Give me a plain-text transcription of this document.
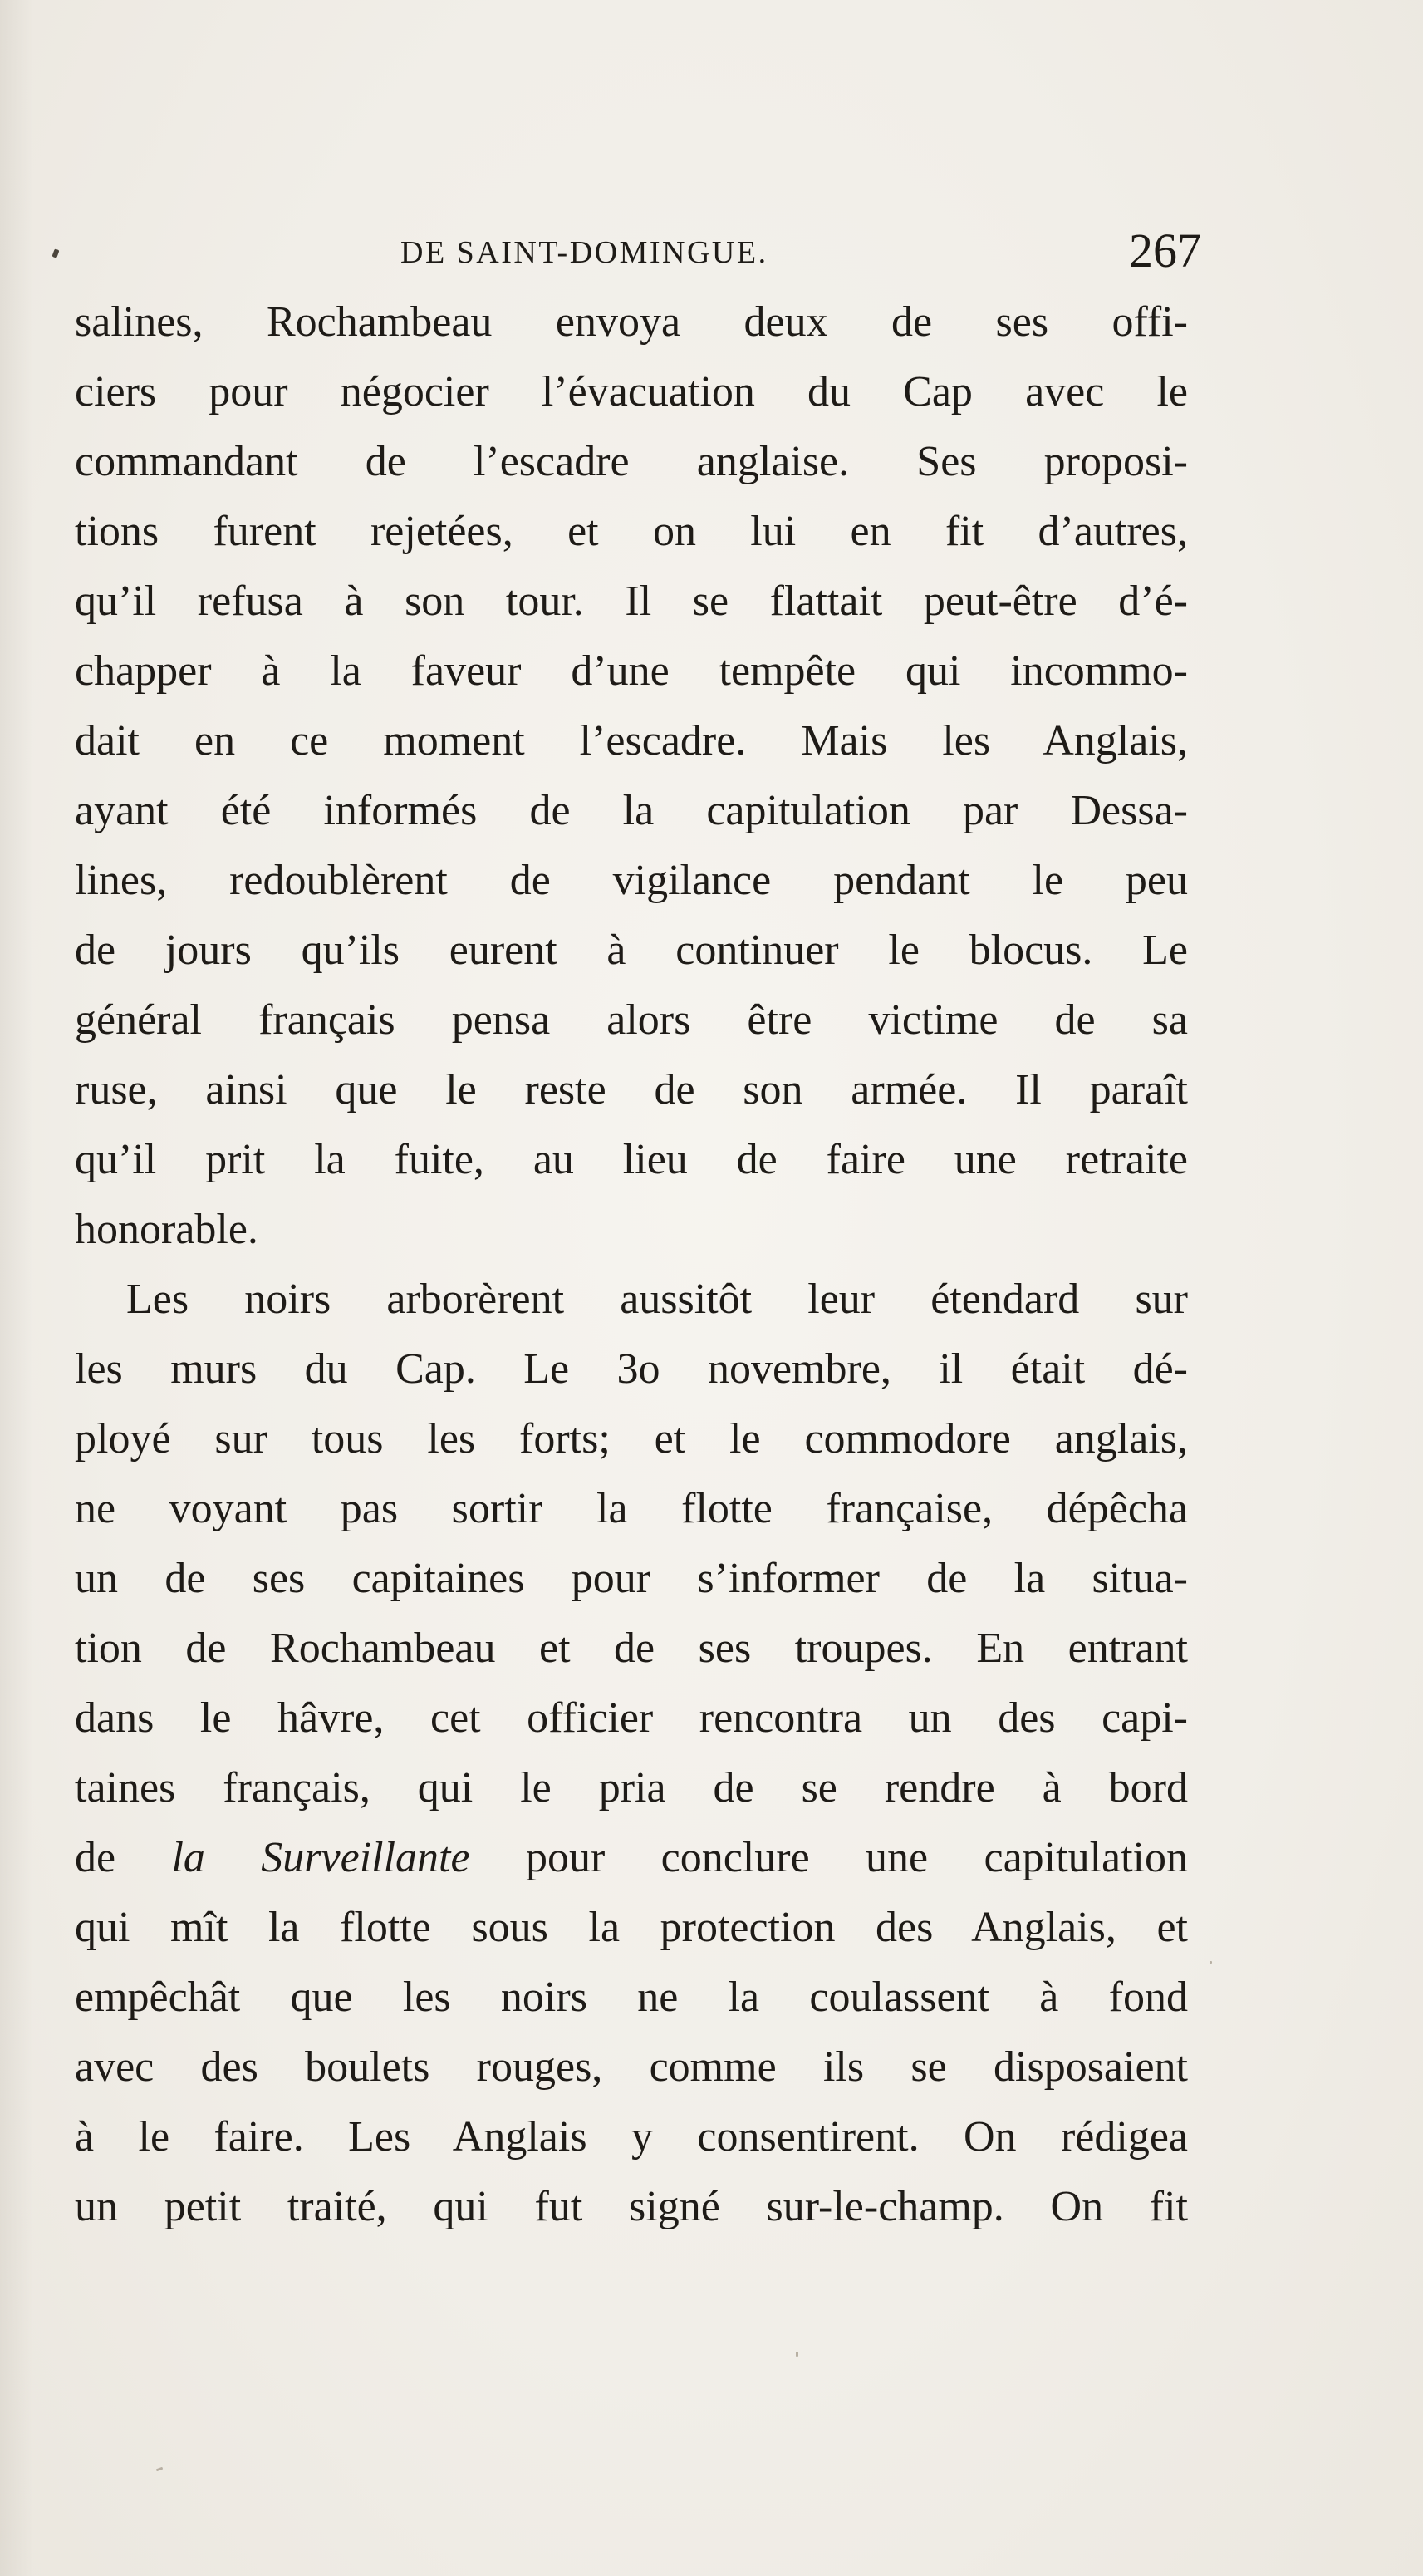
DE SAINT-DOMINGUE.	267
salines, Rochambeau envoya deux de ses offi-
ciers pour négocier l’évacuation du Cap avec le
commandant de l’escadre anglaise. Ses proposi-
tions furent rejetées, et on lui en fit d’autres,
qu’il refusa à son tour. Il se flattait peut-être d’é-
chapper à la faveur d’une tempête qui incommo-
dait en ce moment l’escadre. Mais les Anglais,
ayant été informés de la capitulation par Dessa-
lines, redoublèrent de vigilance pendant le peu
de jours qu’ils eurent à continuer le blocus. Le
général français pensa alors être victime de sa
ruse, ainsi que le reste de son armée. Il paraît
qu’il prit la fuite, au lieu de faire une retraite
honorable.
Les noirs arborèrent aussitôt leur étendard sur
les murs du Cap. Le 3o novembre, il était dé-
ployé sur tous les forts; et le commodore anglais,
ne voyant pas sortir la flotte française, dépêcha
un de ses capitaines pour s’informer de la situa-
tion de Rochambeau et de ses troupes. En entrant
dans le hâvre, cet officier rencontra un des capi-
taines français, qui le pria de se rendre à bord
de la Surveillante pour conclure une capitulation
qui mît la flotte sous la protection des Anglais, et
empêchât que les noirs ne la coulassent à fond
avec des boulets rouges, comme ils se disposaient
à le faire. Les Anglais y consentirent. On rédigea
un petit traité, qui fut signé sur-le-champ. On fit
